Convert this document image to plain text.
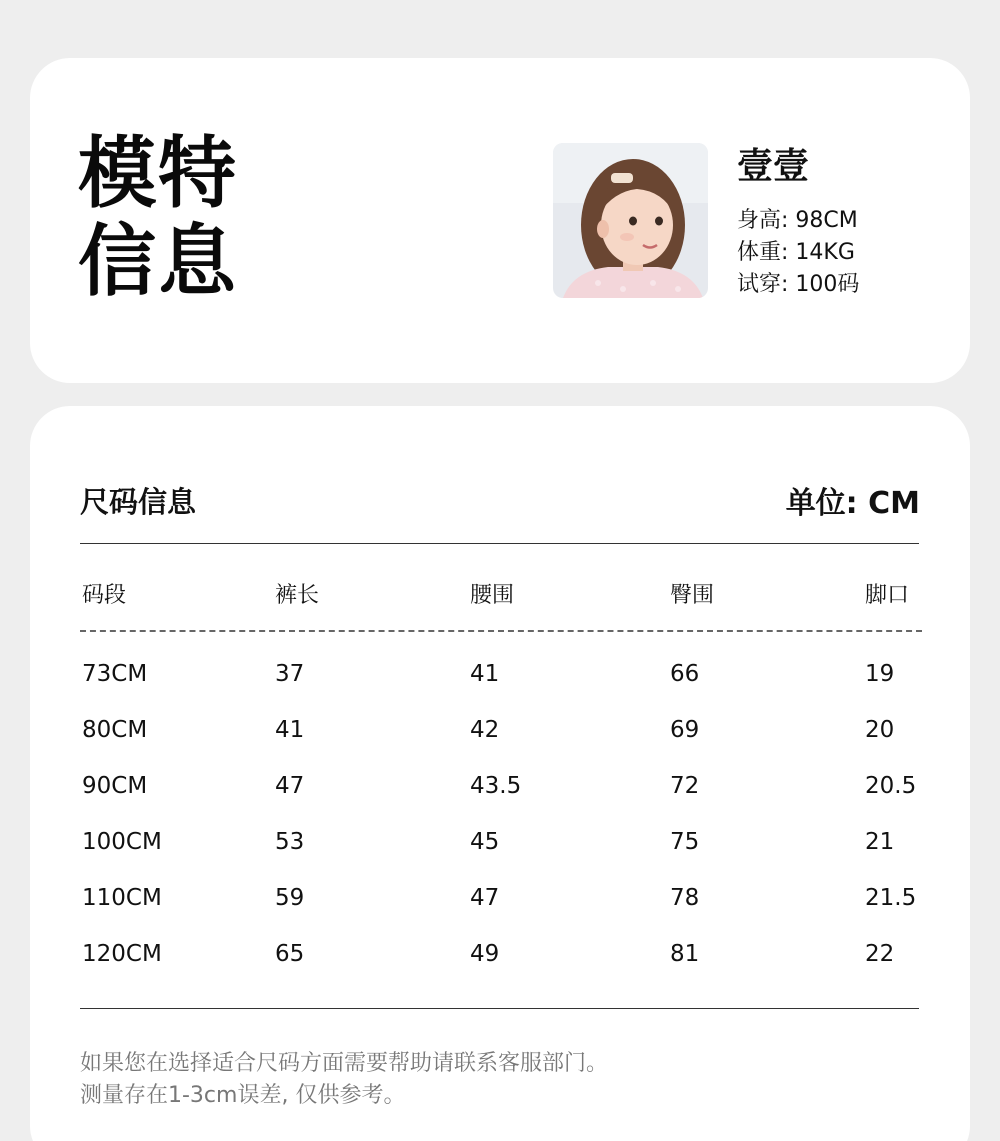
模特
信息
壹壹
身高: 98CM
体重: 14KG
试穿: 100码
尺码信息	单位: CM
码段	裤长	腰围	臀围	脚口
73CM	37	41	66	19
80CM	41	42	69	20
90CM	47	43.5	72	20.5
100CM	53	45	75	21
110CM	59	47	78	21.5
120CM	65	49	81	22
如果您在选择适合尺码方面需要帮助请联系客服部门。
测量存在1-3cm误差, 仅供参考。
